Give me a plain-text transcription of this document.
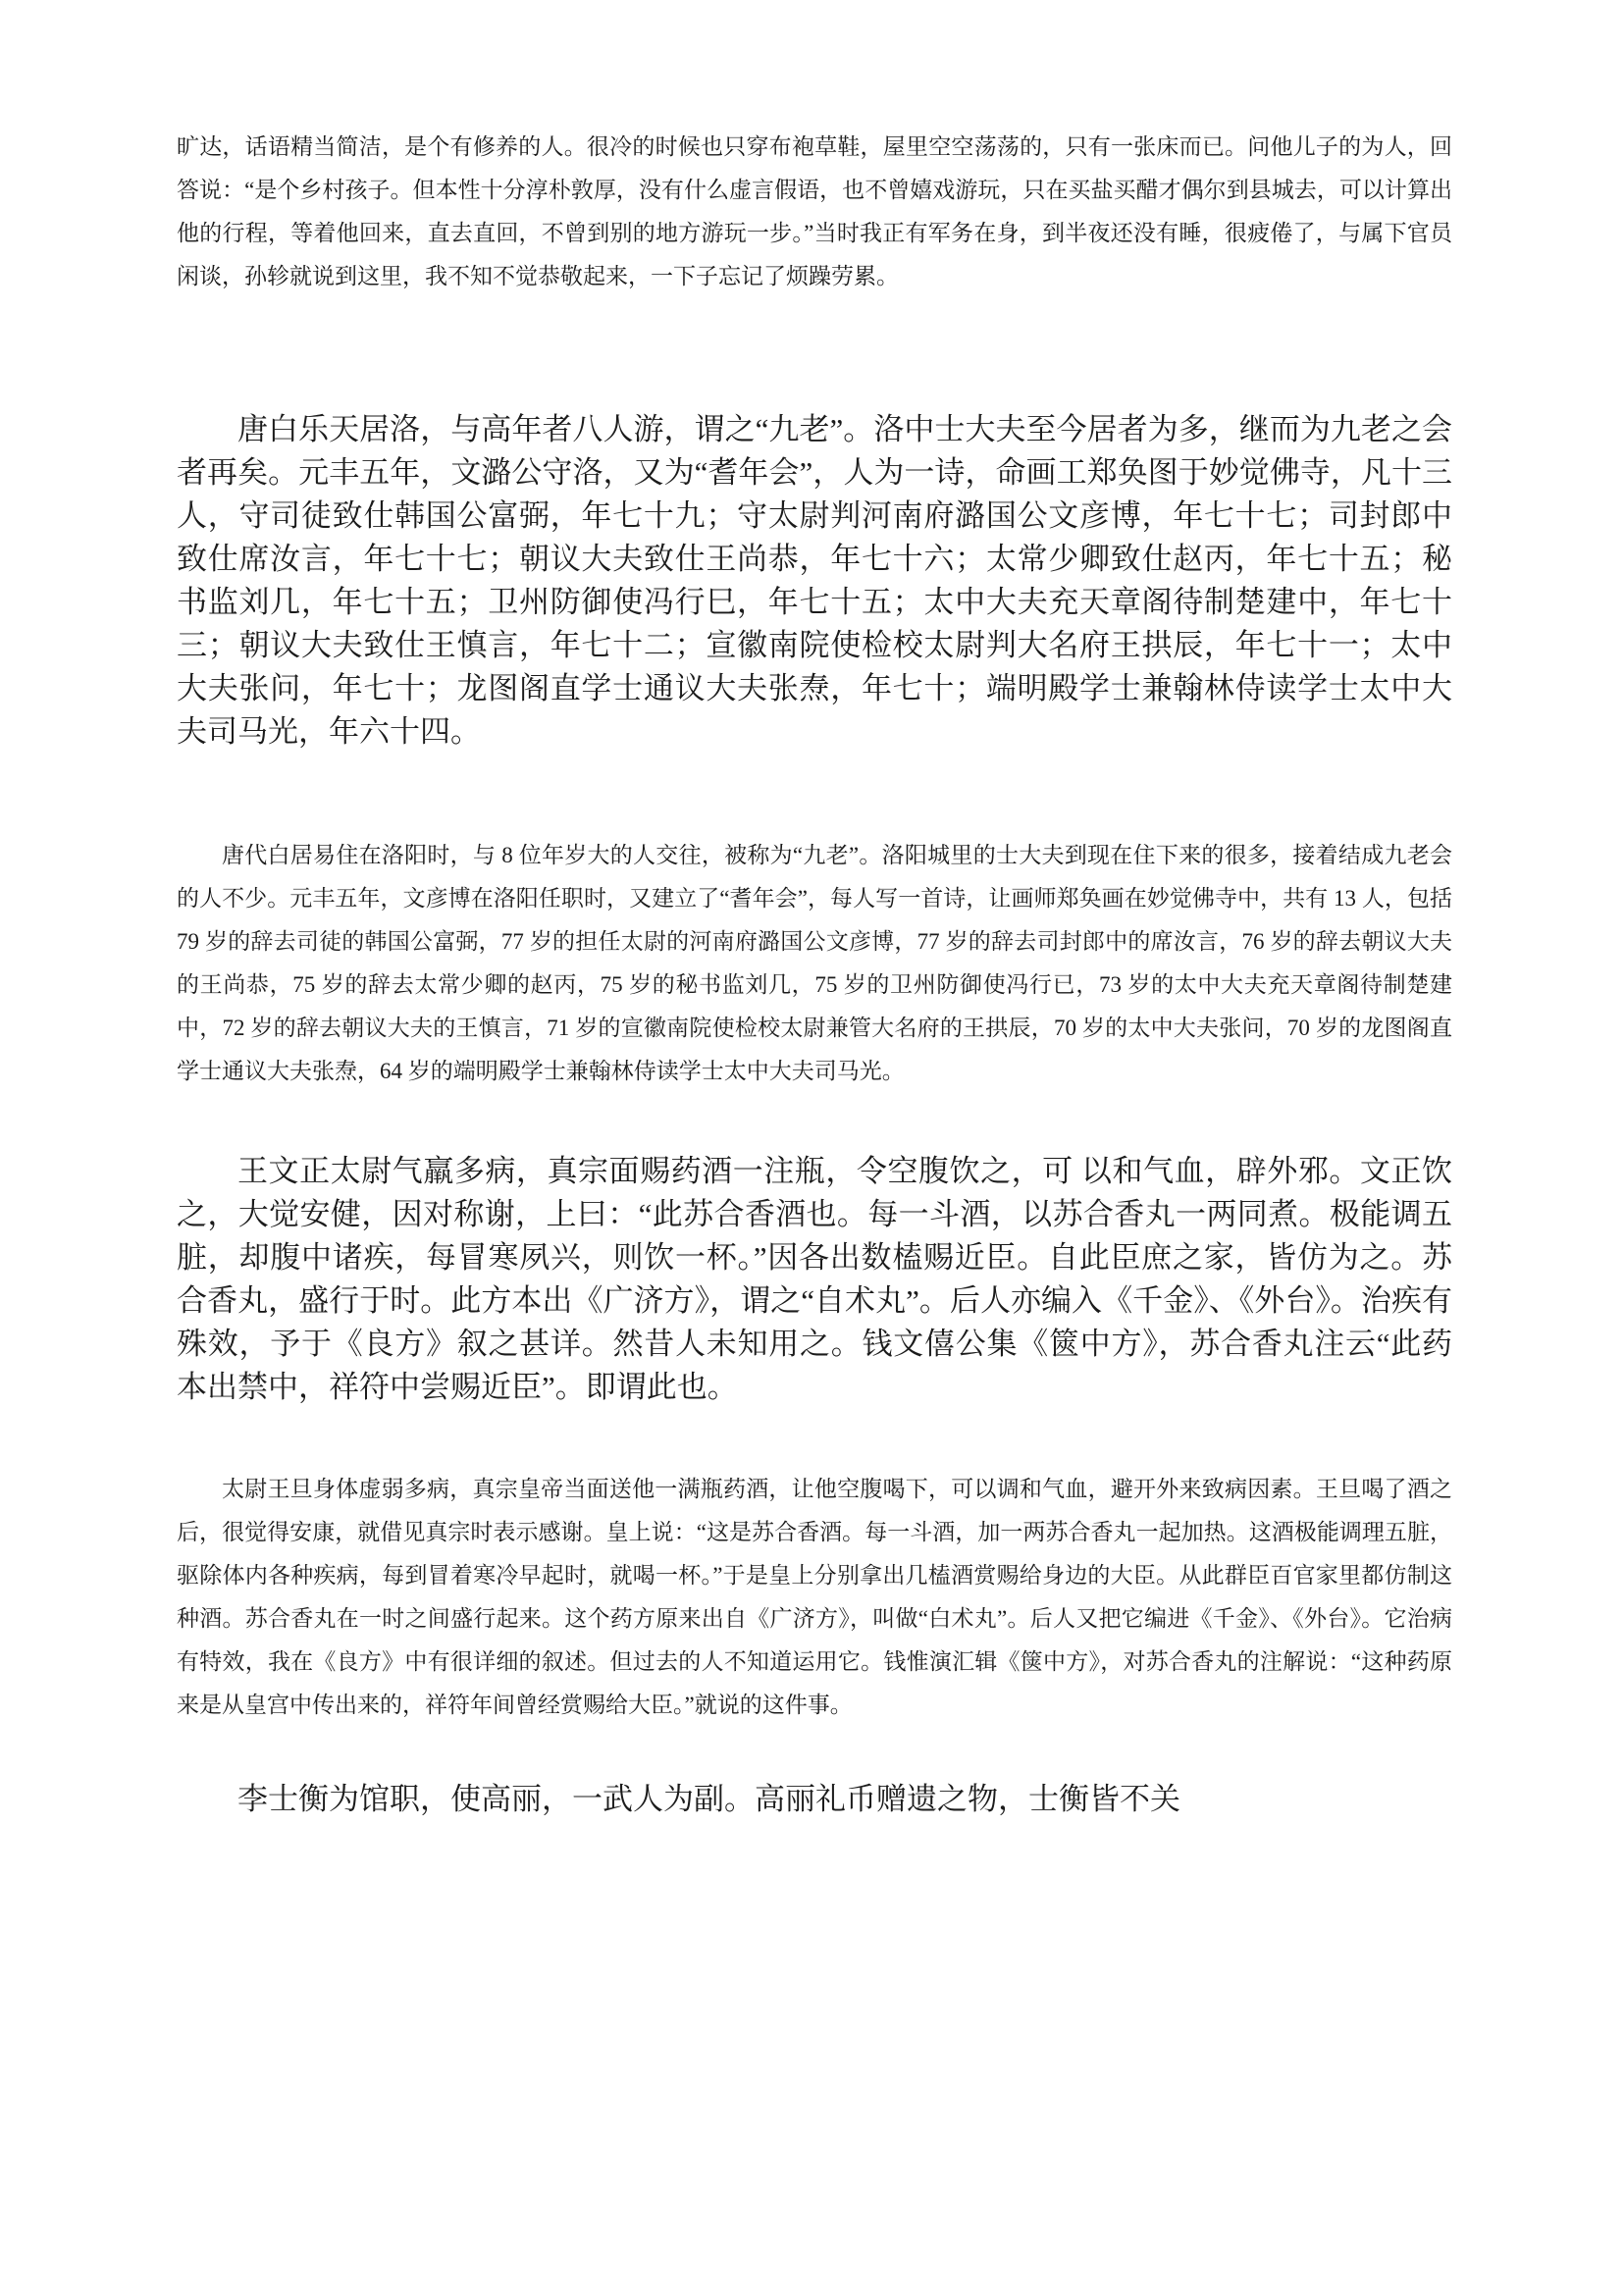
旷达，话语精当简洁，是个有修养的人。很冷的时候也只穿布袍草鞋，屋里空空荡荡的，只有一张床而已。问他儿子的为人，回答说：“是个乡村孩子。但本性十分淳朴敦厚，没有什么虚言假语，也不曾嬉戏游玩，只在买盐买醋才偶尔到县城去，可以计算出他的行程，等着他回来，直去直回，不曾到别的地方游玩一步。”当时我正有军务在身，到半夜还没有睡，很疲倦了，与属下官员闲谈，孙轸就说到这里，我不知不觉恭敬起来，一下子忘记了烦躁劳累。

唐白乐天居洛，与高年者八人游，谓之“九老”。洛中士大夫至今居者为多，继而为九老之会者再矣。元丰五年，文潞公守洛，又为“耆年会”，人为一诗，命画工郑奂图于妙觉佛寺，凡十三人，守司徒致仕韩国公富弼，年七十九；守太尉判河南府潞国公文彦博，年七十七；司封郎中致仕席汝言，年七十七；朝议大夫致仕王尚恭，年七十六；太常少卿致仕赵丙，年七十五；秘书监刘几，年七十五；卫州防御使冯行巳，年七十五；太中大夫充天章阁待制楚建中，年七十三；朝议大夫致仕王慎言，年七十二；宣徽南院使检校太尉判大名府王拱辰，年七十一；太中大夫张问，年七十；龙图阁直学士通议大夫张焘，年七十；端明殿学士兼翰林侍读学士太中大夫司马光，年六十四。

唐代白居易住在洛阳时，与 8 位年岁大的人交往，被称为“九老”。洛阳城里的士大夫到现在住下来的很多，接着结成九老会的人不少。元丰五年，文彦博在洛阳任职时，又建立了“耆年会”，每人写一首诗，让画师郑奂画在妙觉佛寺中，共有 13 人，包括 79 岁的辞去司徒的韩国公富弼，77 岁的担任太尉的河南府潞国公文彦博，77 岁的辞去司封郎中的席汝言，76 岁的辞去朝议大夫的王尚恭，75 岁的辞去太常少卿的赵丙，75 岁的秘书监刘几，75 岁的卫州防御使冯行已，73 岁的太中大夫充天章阁待制楚建中，72 岁的辞去朝议大夫的王慎言，71 岁的宣徽南院使检校太尉兼管大名府的王拱辰，70 岁的太中大夫张问，70 岁的龙图阁直学士通议大夫张焘，64 岁的端明殿学士兼翰林侍读学士太中大夫司马光。

王文正太尉气羸多病，真宗面赐药酒一注瓶，令空腹饮之，可 以和气血，辟外邪。文正饮之，大觉安健，因对称谢，上曰：“此苏合香酒也。每一斗酒，以苏合香丸一两同煮。极能调五脏，却腹中诸疾，每冒寒夙兴，则饮一杯。”因各出数榼赐近臣。自此臣庶之家，皆仿为之。苏合香丸，盛行于时。此方本出《广济方》，谓之“自术丸”。后人亦编入《千金》、《外台》。治疾有殊效，予于《良方》叙之甚详。然昔人未知用之。钱文僖公集《篋中方》，苏合香丸注云“此药本出禁中，祥符中尝赐近臣”。即谓此也。

太尉王旦身体虚弱多病，真宗皇帝当面送他一满瓶药酒，让他空腹喝下，可以调和气血，避开外来致病因素。王旦喝了酒之后，很觉得安康，就借见真宗时表示感谢。皇上说：“这是苏合香酒。每一斗酒，加一两苏合香丸一起加热。这酒极能调理五脏，驱除体内各种疾病，每到冒着寒冷早起时，就喝一杯。”于是皇上分别拿出几榼酒赏赐给身边的大臣。从此群臣百官家里都仿制这种酒。苏合香丸在一时之间盛行起来。这个药方原来出自《广济方》，叫做“白术丸”。后人又把它编进《千金》、《外台》。它治病有特效，我在《良方》中有很详细的叙述。但过去的人不知道运用它。钱惟演汇辑《箧中方》，对苏合香丸的注解说：“这种药原来是从皇宫中传出来的，祥符年间曾经赏赐给大臣。”就说的这件事。

李士衡为馆职，使高丽，一武人为副。高丽礼币赠遗之物，士衡皆不关
